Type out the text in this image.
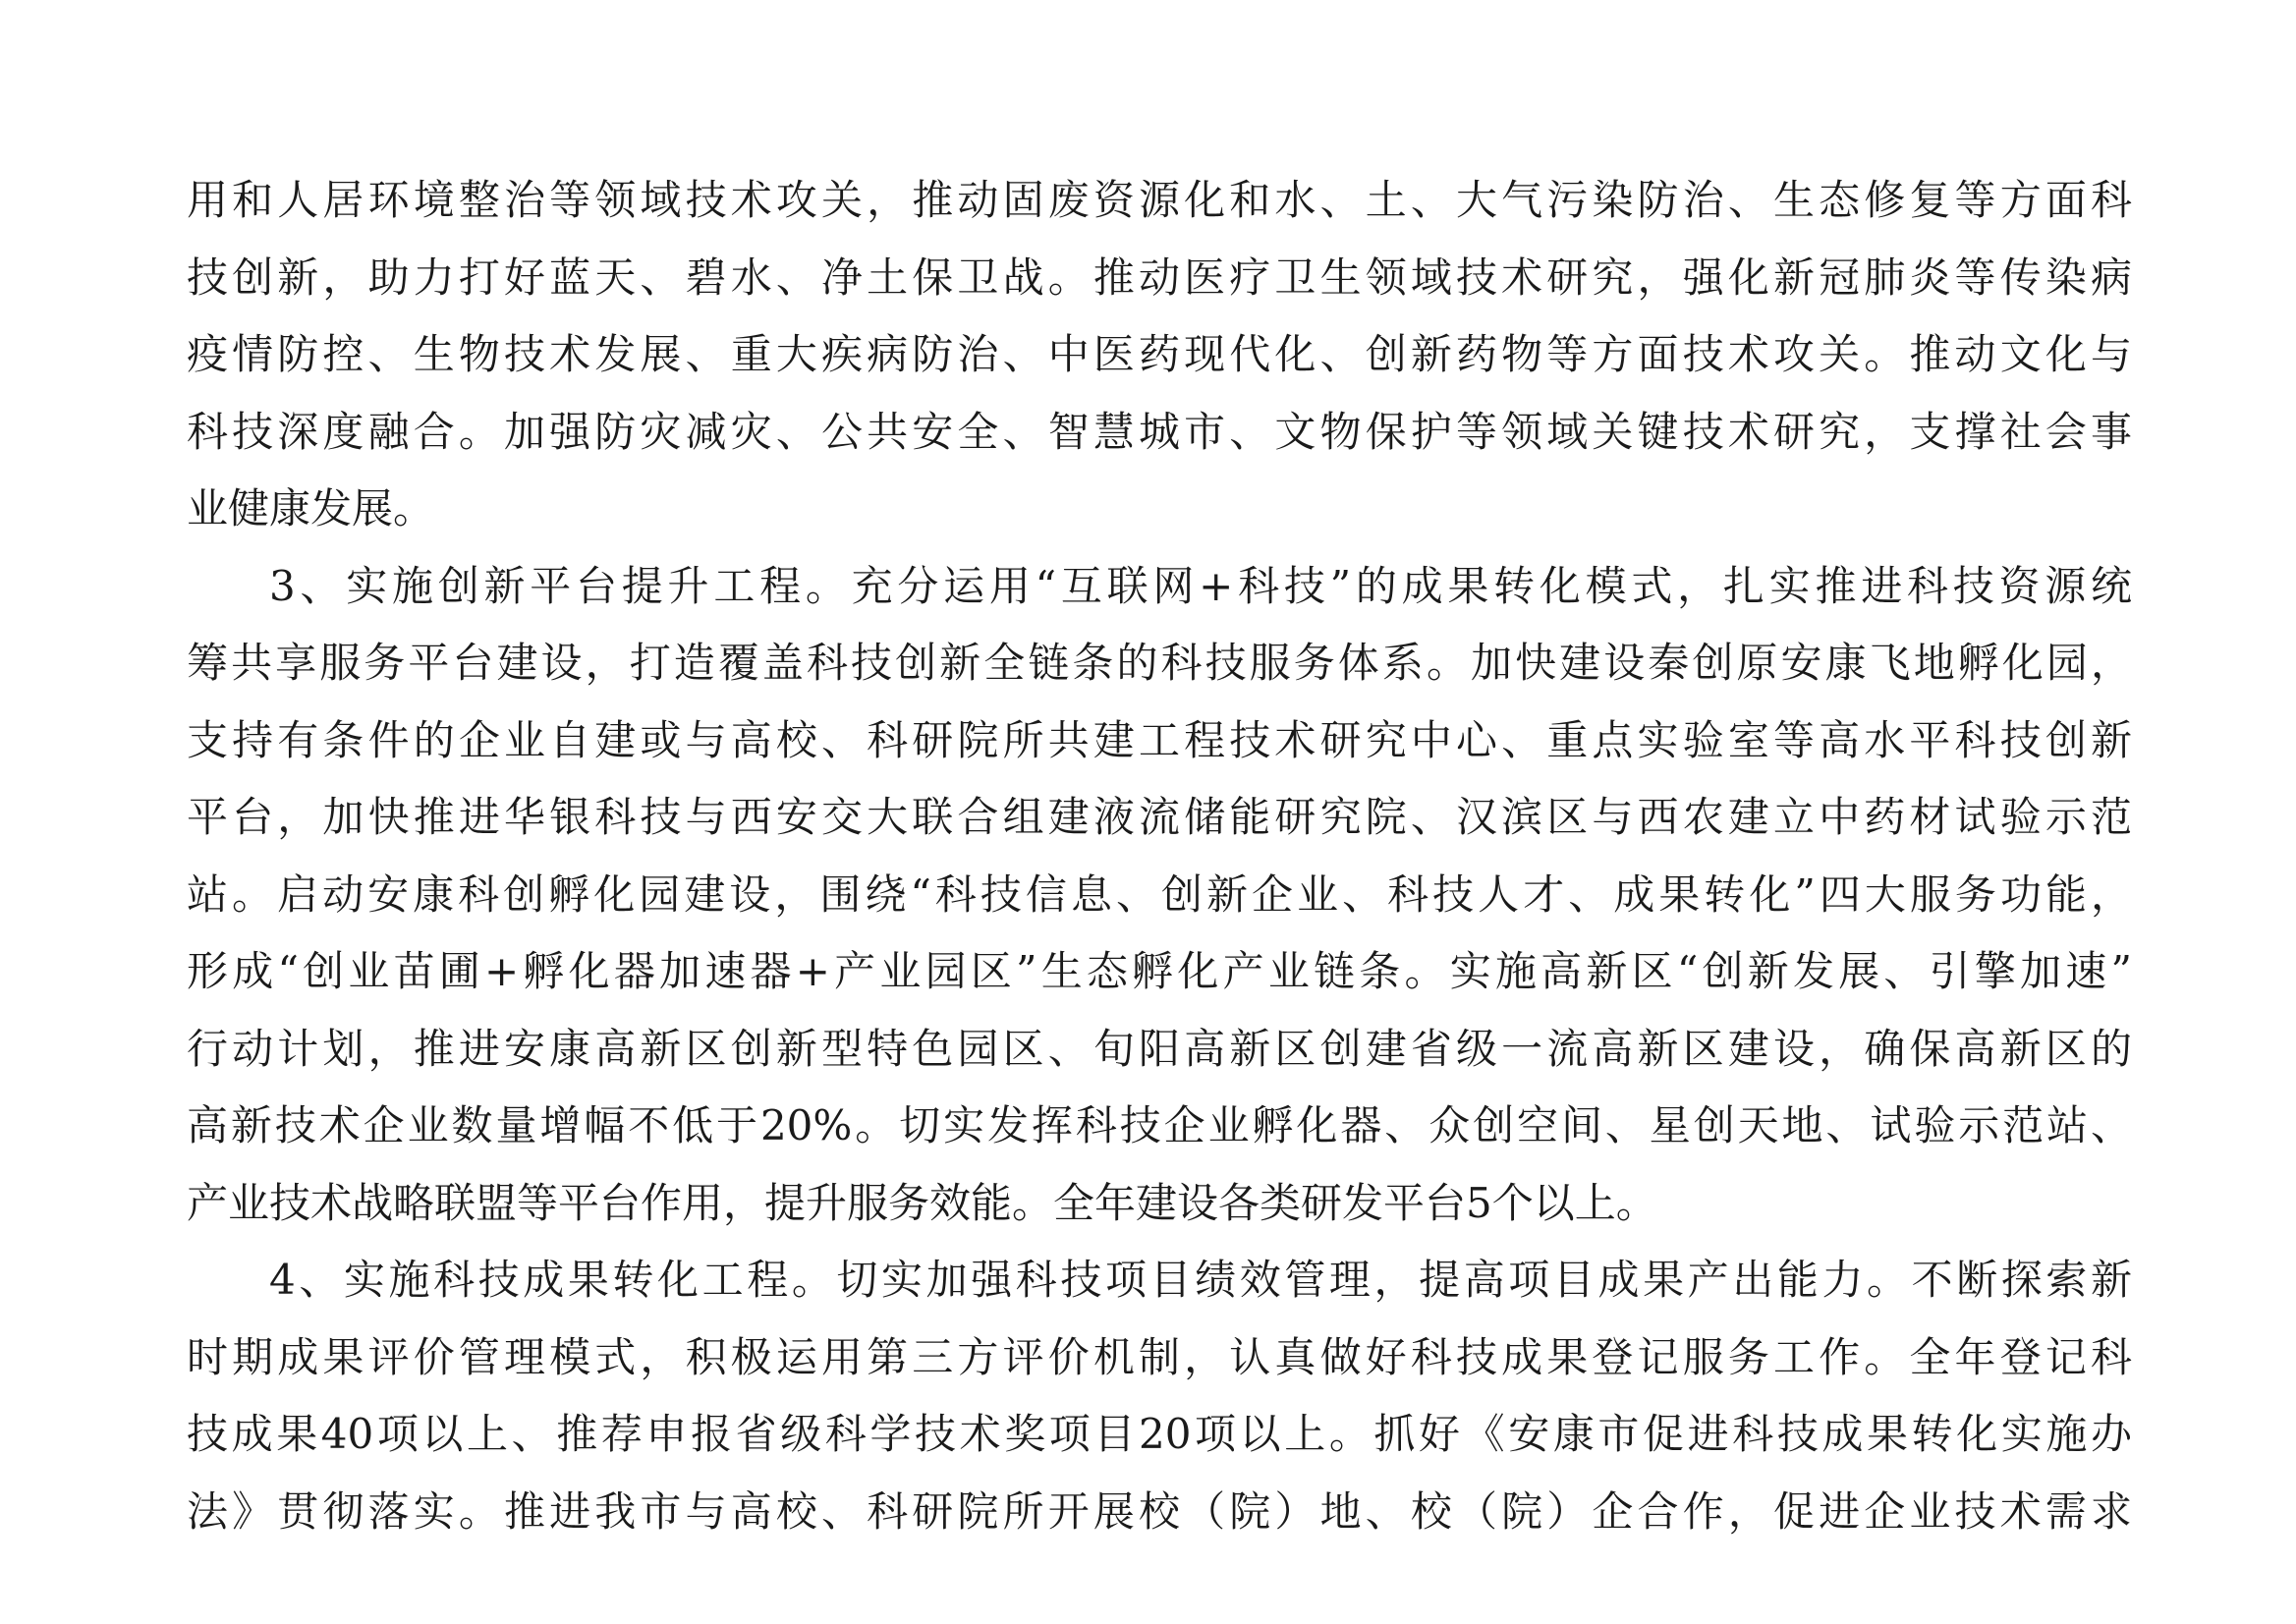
用和人居环境整治等领域技术攻关，推动固废资源化和水、土、大气污染防治、生态修复等方面科
技创新，助力打好蓝天、碧水、净土保卫战。推动医疗卫生领域技术研究，强化新冠肺炎等传染病
疫情防控、生物技术发展、重大疾病防治、中医药现代化、创新药物等方面技术攻关。推动文化与
科技深度融合。加强防灾减灾、公共安全、智慧城市、文物保护等领域关键技术研究，支撑社会事
业健康发展。
3、实施创新平台提升工程。充分运用“互联网+科技”的成果转化模式，扎实推进科技资源统
筹共享服务平台建设，打造覆盖科技创新全链条的科技服务体系。加快建设秦创原安康飞地孵化园，
支持有条件的企业自建或与高校、科研院所共建工程技术研究中心、重点实验室等高水平科技创新
平台，加快推进华银科技与西安交大联合组建液流储能研究院、汉滨区与西农建立中药材试验示范
站。启动安康科创孵化园建设，围绕“科技信息、创新企业、科技人才、成果转化”四大服务功能，
形成“创业苗圃+孵化器加速器+产业园区”生态孵化产业链条。实施高新区“创新发展、引擎加速”
行动计划，推进安康高新区创新型特色园区、旬阳高新区创建省级一流高新区建设，确保高新区的
高新技术企业数量增幅不低于20%。切实发挥科技企业孵化器、众创空间、星创天地、试验示范站、
产业技术战略联盟等平台作用，提升服务效能。全年建设各类研发平台5个以上。
4、实施科技成果转化工程。切实加强科技项目绩效管理，提高项目成果产出能力。不断探索新
时期成果评价管理模式，积极运用第三方评价机制，认真做好科技成果登记服务工作。全年登记科
技成果40项以上、推荐申报省级科学技术奖项目20项以上。抓好《安康市促进科技成果转化实施办
法》贯彻落实。推进我市与高校、科研院所开展校（院）地、校（院）企合作，促进企业技术需求
